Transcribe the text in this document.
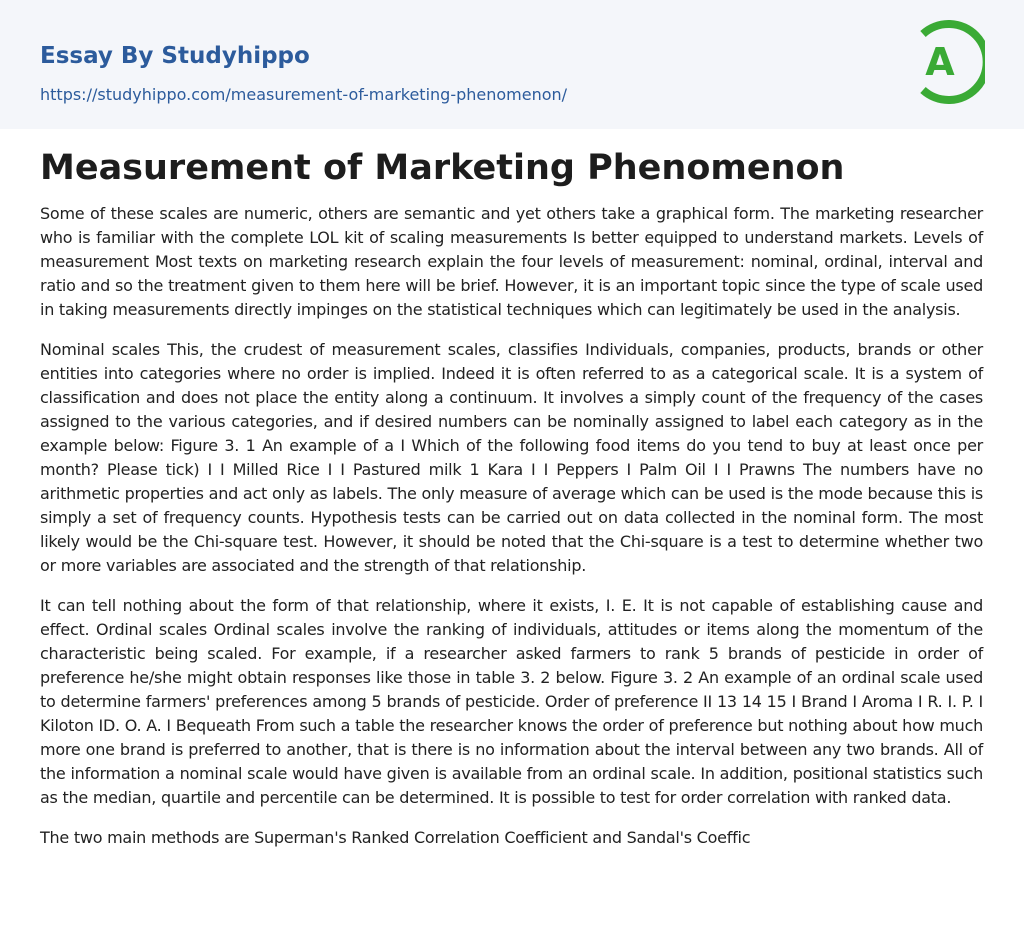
Essay By Studyhippo
https://studyhippo.com/measurement-of-marketing-phenomenon/
A
Measurement of Marketing Phenomenon

Some of these scales are numeric, others are semantic and yet others take a graphical form. The marketing researcher who is familiar with the complete LOL kit of scaling measurements Is better equipped to understand markets. Levels of measurement Most texts on marketing research explain the four levels of measurement: nominal, ordinal, interval and ratio and so the treatment given to them here will be brief. However, it is an important topic since the type of scale used in taking measurements directly impinges on the statistical techniques which can legitimately be used in the analysis.

Nominal scales This, the crudest of measurement scales, classifies Individuals, companies, products, brands or other entities into categories where no order is implied. Indeed it is often referred to as a categorical scale. It is a system of classification and does not place the entity along a continuum. It involves a simply count of the frequency of the cases assigned to the various categories, and if desired numbers can be nominally assigned to label each category as in the example below: Figure 3. 1 An example of a I Which of the following food items do you tend to buy at least once per month? Please tick) I I Milled Rice I I Pastured milk 1 Kara I I Peppers I Palm Oil I I Prawns The numbers have no arithmetic properties and act only as labels. The only measure of average which can be used is the mode because this is simply a set of frequency counts. Hypothesis tests can be carried out on data collected in the nominal form. The most likely would be the Chi-square test. However, it should be noted that the Chi-square is a test to determine whether two or more variables are associated and the strength of that relationship.

It can tell nothing about the form of that relationship, where it exists, I. E. It is not capable of establishing cause and effect. Ordinal scales Ordinal scales involve the ranking of individuals, attitudes or items along the momentum of the characteristic being scaled. For example, if a researcher asked farmers to rank 5 brands of pesticide in order of preference he/she might obtain responses like those in table 3. 2 below. Figure 3. 2 An example of an ordinal scale used to determine farmers' preferences among 5 brands of pesticide. Order of preference II 13 14 15 I Brand I Aroma I R. I. P. I Kiloton ID. O. A. I Bequeath From such a table the researcher knows the order of preference but nothing about how much more one brand is preferred to another, that is there is no information about the interval between any two brands. All of the information a nominal scale would have given is available from an ordinal scale. In addition, positional statistics such as the median, quartile and percentile can be determined. It is possible to test for order correlation with ranked data.

The two main methods are Superman's Ranked Correlation Coefficient and Sandal's Coeffic
